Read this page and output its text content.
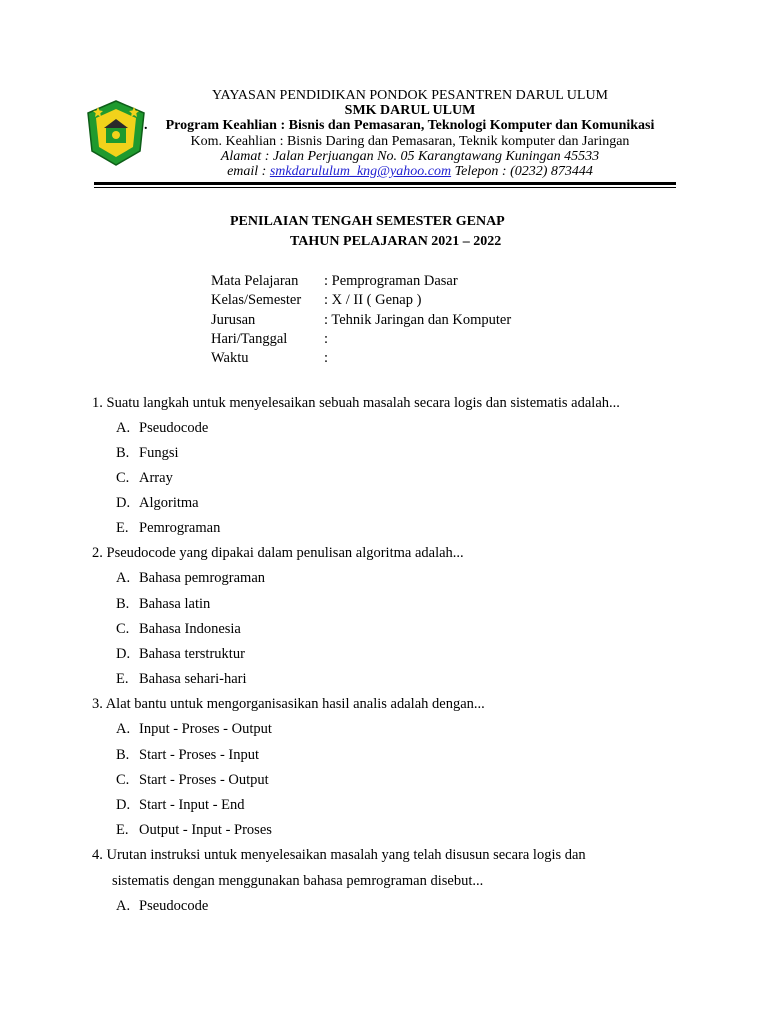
YAYASAN PENDIDIKAN PONDOK PESANTREN DARUL ULUM
SMK DARUL ULUM
.	Program Keahlian : Bisnis dan Pemasaran, Teknologi Komputer dan Komunikasi
Kom. Keahlian : Bisnis Daring dan Pemasaran, Teknik komputer dan Jaringan
Alamat : Jalan Perjuangan No. 05 Karangtawang Kuningan 45533
email : smkdarululum_kng@yahoo.com Telepon : (0232) 873444
PENILAIAN TENGAH SEMESTER GENAP
TAHUN PELAJARAN 2021 – 2022
Mata Pelajaran : Pemprograman Dasar
Kelas/Semester : X / II ( Genap )
Jurusan	: Tehnik Jaringan dan Komputer
Hari/Tanggal	:
Waktu	:
1. Suatu langkah untuk menyelesaikan sebuah masalah secara logis dan sistematis adalah...
A. Pseudocode
B. Fungsi
C. Array
D. Algoritma
E. Pemrograman
2. Pseudocode yang dipakai dalam penulisan algoritma adalah...
A. Bahasa pemrograman
B. Bahasa latin
C. Bahasa Indonesia
D. Bahasa terstruktur
E. Bahasa sehari-hari
3. Alat bantu untuk mengorganisasikan hasil analis adalah dengan...
A. Input - Proses - Output
B. Start - Proses - Input
C. Start - Proses - Output
D. Start - Input - End
E. Output - Input - Proses
4. Urutan instruksi untuk menyelesaikan masalah yang telah disusun secara logis dan
sistematis dengan menggunakan bahasa pemrograman disebut...
A. Pseudocode
